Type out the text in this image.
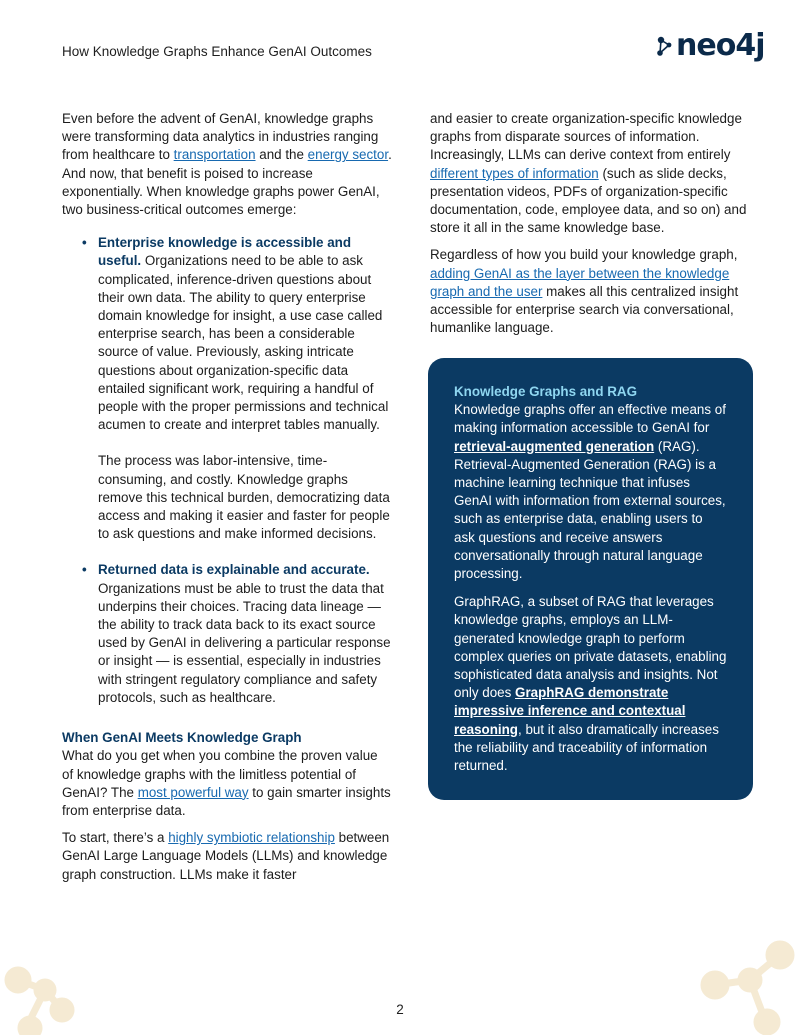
How Knowledge Graphs Enhance GenAI Outcomes	neo4j

Even before the advent of GenAI, knowledge graphs were transforming data analytics in industries ranging from healthcare to transportation and the energy sector. And now, that benefit is poised to increase exponentially. When knowledge graphs power GenAI, two business-critical outcomes emerge:

• Enterprise knowledge is accessible and useful. Organizations need to be able to ask complicated, inference-driven questions about their own data. The ability to query enterprise domain knowledge for insight, a use case called enterprise search, has been a considerable source of value. Previously, asking intricate questions about organization-specific data entailed significant work, requiring a handful of people with the proper permissions and technical acumen to create and interpret tables manually.
The process was labor-intensive, time-consuming, and costly. Knowledge graphs remove this technical burden, democratizing data access and making it easier and faster for people to ask questions and make informed decisions.
• Returned data is explainable and accurate. Organizations must be able to trust the data that underpins their choices. Tracing data lineage — the ability to track data back to its exact source used by GenAI in delivering a particular response or insight — is essential, especially in industries with stringent regulatory compliance and safety protocols, such as healthcare.
When GenAI Meets Knowledge Graph

What do you get when you combine the proven value of knowledge graphs with the limitless potential of GenAI? The most powerful way to gain smarter insights from enterprise data.

To start, there’s a highly symbiotic relationship between GenAI Large Language Models (LLMs) and knowledge graph construction. LLMs make it faster

and easier to create organization-specific knowledge graphs from disparate sources of information. Increasingly, LLMs can derive context from entirely different types of information (such as slide decks, presentation videos, PDFs of organization-specific documentation, code, employee data, and so on) and store it all in the same knowledge base.

Regardless of how you build your knowledge graph, adding GenAI as the layer between the knowledge graph and the user makes all this centralized insight accessible for enterprise search via conversational, humanlike language.

Knowledge Graphs and RAG

Knowledge graphs offer an effective means of making information accessible to GenAI for retrieval-augmented generation (RAG). Retrieval-Augmented Generation (RAG) is a machine learning technique that infuses GenAI with information from external sources, such as enterprise data, enabling users to ask questions and receive answers conversationally through natural language processing.

GraphRAG, a subset of RAG that leverages knowledge graphs, employs an LLM-generated knowledge graph to perform complex queries on private datasets, enabling sophisticated data analysis and insights. Not only does GraphRAG demonstrate impressive inference and contextual reasoning, but it also dramatically increases the reliability and traceability of information returned.

2
